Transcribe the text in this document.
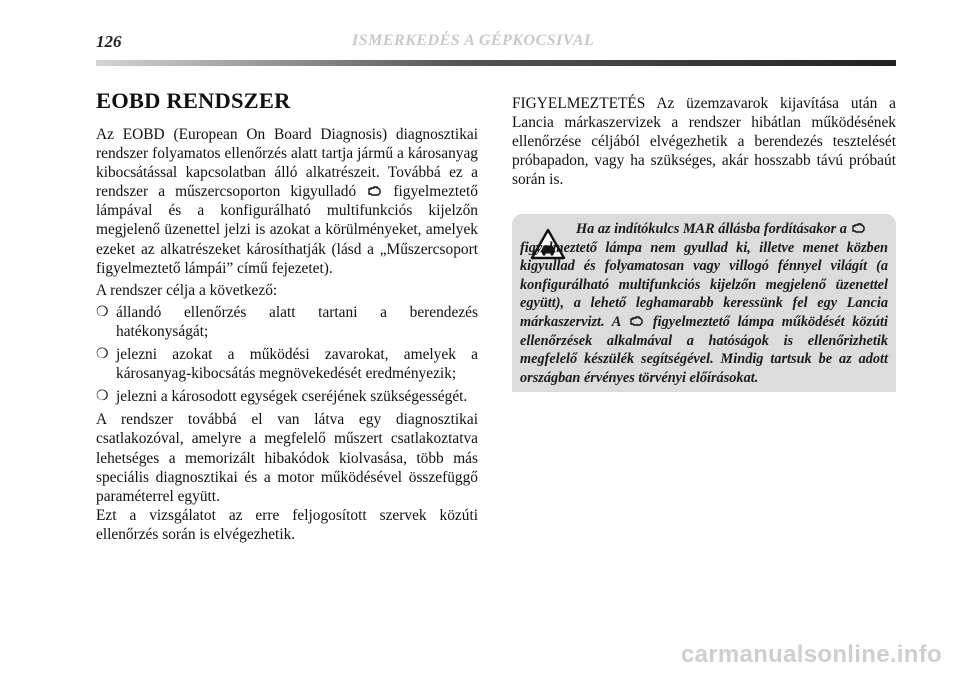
126	ISMERKEDÉS A GÉPKOCSIVAL
EOBD RENDSZER

Az EOBD (European On Board Diagnosis) diagnosztikai rendszer folyamatos ellenőrzés alatt tartja jármű a károsanyag kibocsátással kapcsolatban álló alkatrészeit. Továbbá ez a rendszer a műszercsoporton kigyulladó figyelmeztető lámpával és a konfigurálható multifunkciós kijelzőn megjelenő üzenettel jelzi is azokat a körülményeket, amelyek ezeket az alkatrészeket károsíthatják (lásd a „Műszercsoport figyelmeztető lámpái” című fejezetet).

A rendszer célja a következő:

❍ állandó ellenőrzés alatt tartani a berendezés hatékonyságát;
❍ jelezni azokat a működési zavarokat, amelyek a károsanyag-kibocsátás megnövekedését eredményezik;
❍ jelezni a károsodott egységek cseréjének szükségességét.

A rendszer továbbá el van látva egy diagnosztikai csatlakozóval, amelyre a megfelelő műszert csatlakoztatva lehetséges a memorizált hibakódok kiolvasása, több más speciális diagnosztikai és a motor működésével összefüggő paraméterrel együtt.

Ezt a vizsgálatot az erre feljogosított szervek közúti ellenőrzés során is elvégezhetik.

FIGYELMEZTETÉS Az üzemzavarok kijavítása után a Lancia márkaszervizek a rendszer hibátlan működésének ellenőrzése céljából elvégezhetik a berendezés tesztelését próbapadon, vagy ha szükséges, akár hosszabb távú próbaút során is.

Ha az indítókulcs MAR állásba fordításakor a
figyelmeztető lámpa nem gyullad ki, illetve menet közben kigyullad és folyamatosan vagy villogó fénnyel világít (a konfigurálható multifunkciós kijelzőn megjelenő üzenettel együtt), a lehető leghamarabb keressünk fel egy Lancia márkaszervizt. A figyelmeztető lámpa működését közúti ellenőrzések alkalmával a hatóságok is ellenőrizhetik megfelelő készülék segítségével. Mindig tartsuk be az adott országban érvényes törvényi előírásokat.
carmanualsonline.info
